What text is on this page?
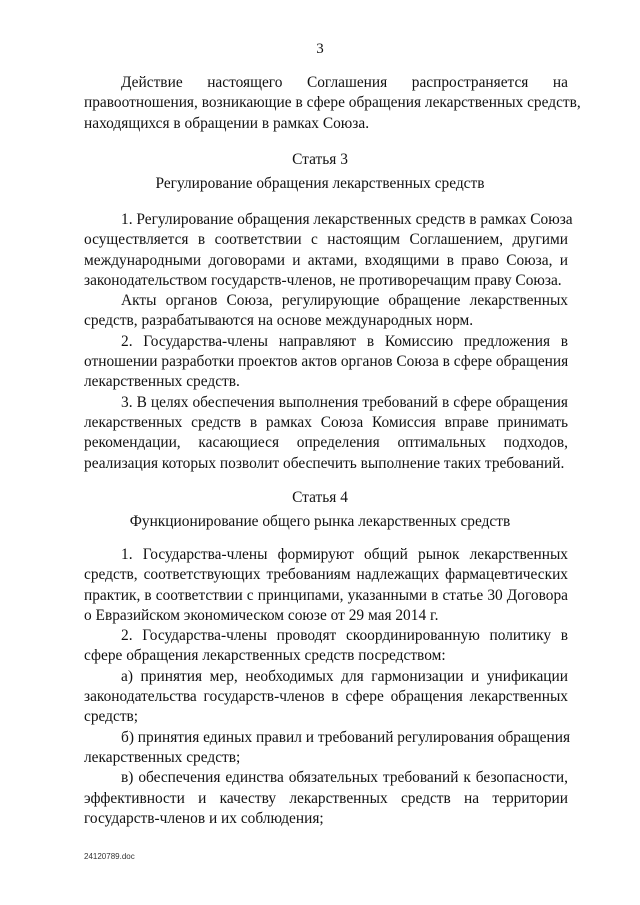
3
Действие настоящего Соглашения распространяется на
правоотношения, возникающие в сфере обращения лекарственных средств,
находящихся в обращении в рамках Союза.
Статья 3
Регулирование обращения лекарственных средств
1. Регулирование обращения лекарственных средств в рамках Союза
осуществляется в соответствии с настоящим Соглашением, другими
международными договорами и актами, входящими в право Союза, и
законодательством государств-членов, не противоречащим праву Союза.
Акты органов Союза, регулирующие обращение лекарственных
средств, разрабатываются на основе международных норм.
2. Государства-члены направляют в Комиссию предложения в
отношении разработки проектов актов органов Союза в сфере обращения
лекарственных средств.
3. В целях обеспечения выполнения требований в сфере обращения
лекарственных средств в рамках Союза Комиссия вправе принимать
рекомендации, касающиеся определения оптимальных подходов,
реализация которых позволит обеспечить выполнение таких требований.
Статья 4
Функционирование общего рынка лекарственных средств
1. Государства-члены формируют общий рынок лекарственных
средств, соответствующих требованиям надлежащих фармацевтических
практик, в соответствии с принципами, указанными в статье 30 Договора
о Евразийском экономическом союзе от 29 мая 2014 г.
2. Государства-члены проводят скоординированную политику в
сфере обращения лекарственных средств посредством:
а) принятия мер, необходимых для гармонизации и унификации
законодательства государств-членов в сфере обращения лекарственных
средств;
б) принятия единых правил и требований регулирования обращения
лекарственных средств;
в) обеспечения единства обязательных требований к безопасности,
эффективности и качеству лекарственных средств на территории
государств-членов и их соблюдения;
24120789.doc
